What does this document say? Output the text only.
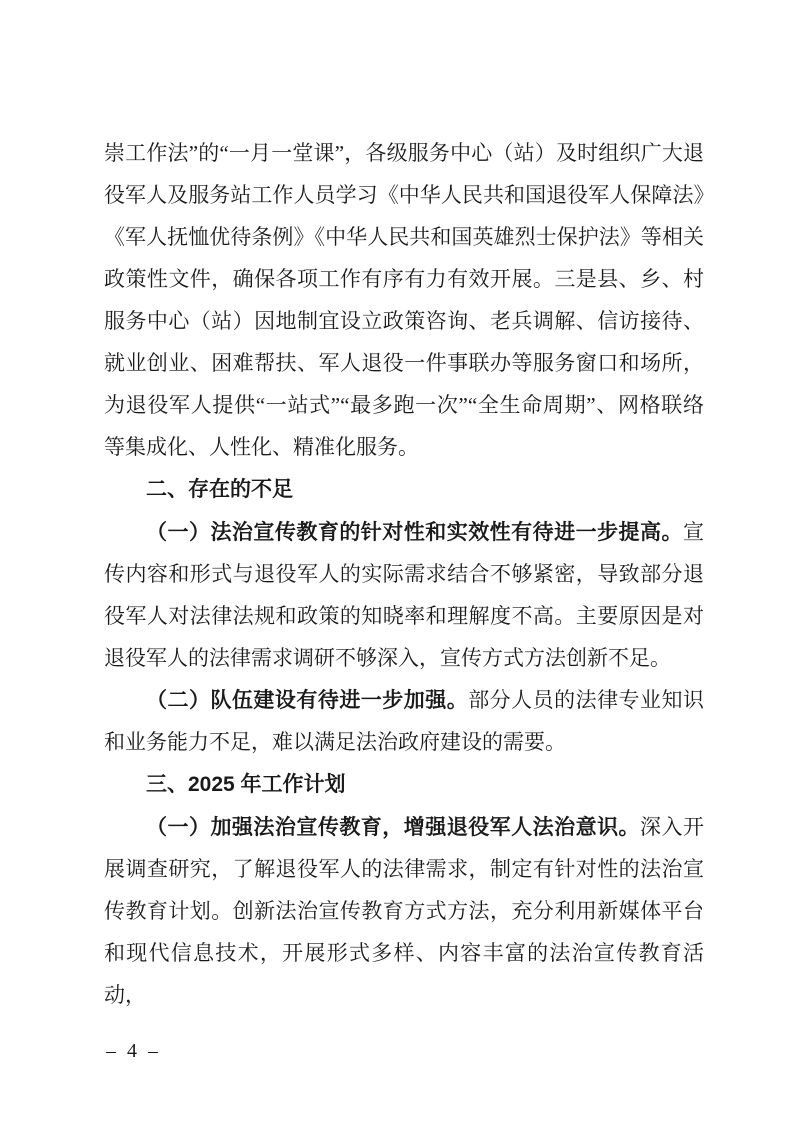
崇工作法”的“一月一堂课”，各级服务中心（站）及时组织广大退役军人及服务站工作人员学习《中华人民共和国退役军人保障法》《军人抚恤优待条例》《中华人民共和国英雄烈士保护法》等相关政策性文件，确保各项工作有序有力有效开展。三是县、乡、村服务中心（站）因地制宜设立政策咨询、老兵调解、信访接待、就业创业、困难帮扶、军人退役一件事联办等服务窗口和场所，为退役军人提供“一站式”“最多跑一次”“全生命周期”、网格联络等集成化、人性化、精准化服务。

二、存在的不足

（一）法治宣传教育的针对性和实效性有待进一步提高。宣传内容和形式与退役军人的实际需求结合不够紧密，导致部分退役军人对法律法规和政策的知晓率和理解度不高。主要原因是对退役军人的法律需求调研不够深入，宣传方式方法创新不足。

（二）队伍建设有待进一步加强。部分人员的法律专业知识和业务能力不足，难以满足法治政府建设的需要。

三、2025 年工作计划

（一）加强法治宣传教育，增强退役军人法治意识。深入开展调查研究，了解退役军人的法律需求，制定有针对性的法治宣传教育计划。创新法治宣传教育方式方法，充分利用新媒体平台和现代信息技术，开展形式多样、内容丰富的法治宣传教育活动，

– 4 –
